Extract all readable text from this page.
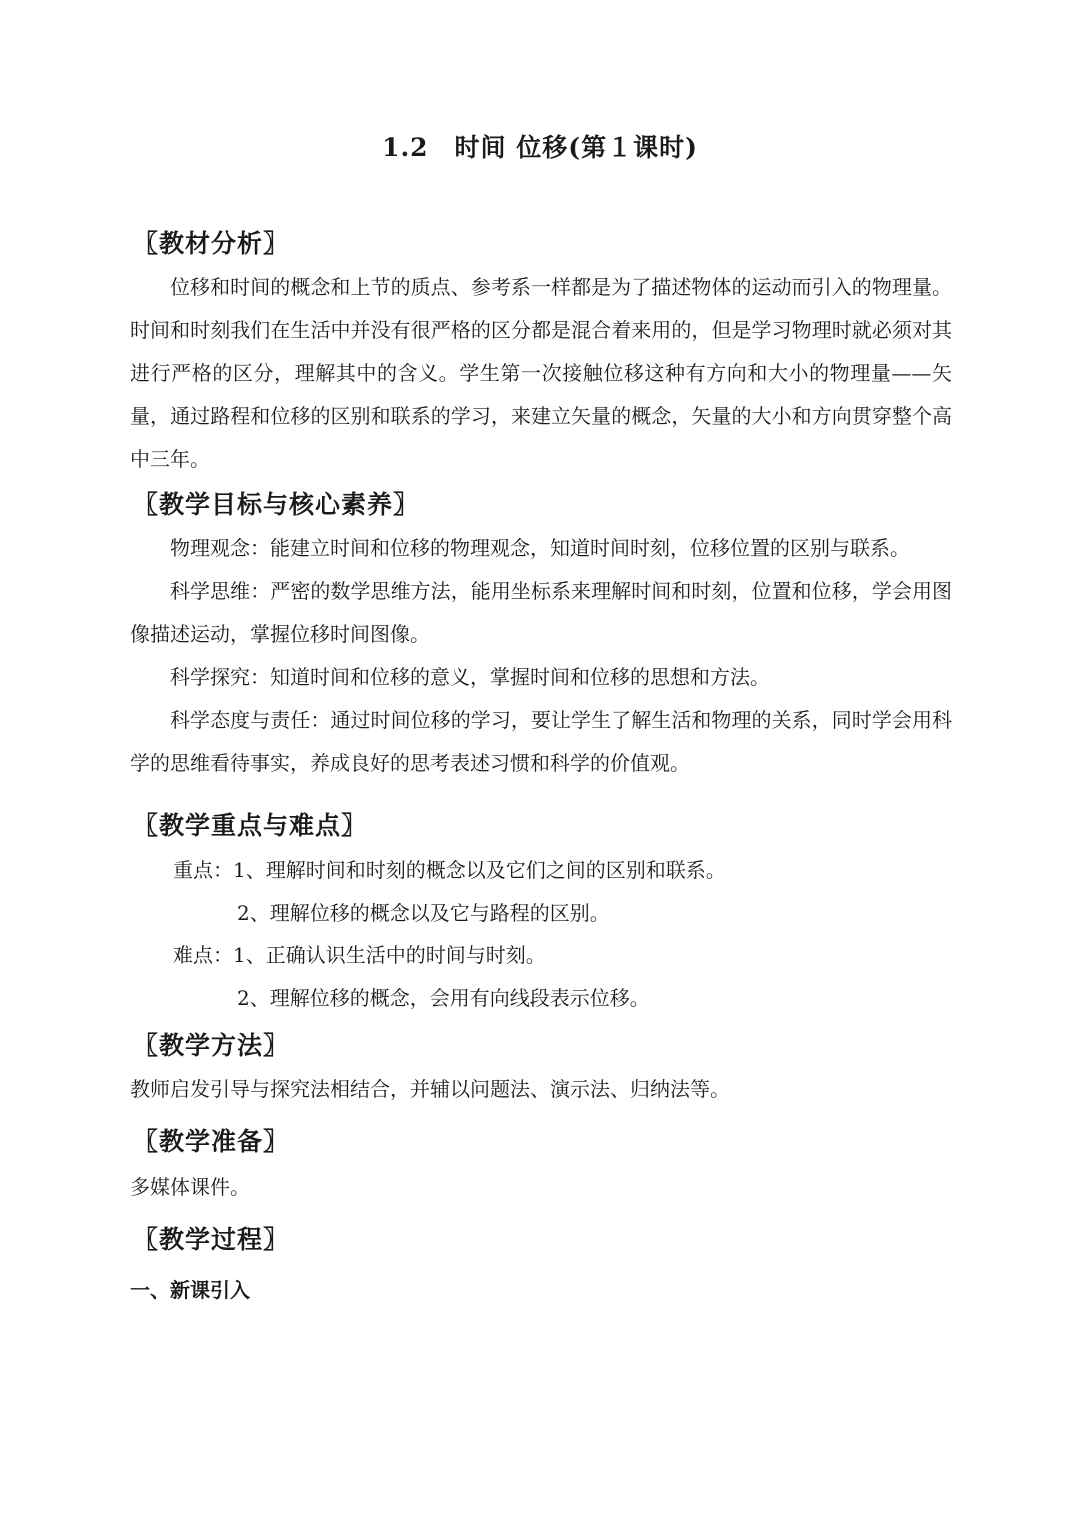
1.2　时间 位移(第１课时)
〖教材分析〗
位移和时间的概念和上节的质点、参考系一样都是为了描述物体的运动而引入的物理量。时间和时刻我们在生活中并没有很严格的区分都是混合着来用的，但是学习物理时就必须对其进行严格的区分，理解其中的含义。学生第一次接触位移这种有方向和大小的物理量——矢量，通过路程和位移的区别和联系的学习，来建立矢量的概念，矢量的大小和方向贯穿整个高中三年。
〖教学目标与核心素养〗
物理观念：能建立时间和位移的物理观念，知道时间时刻，位移位置的区别与联系。
科学思维：严密的数学思维方法，能用坐标系来理解时间和时刻，位置和位移，学会用图像描述运动，掌握位移时间图像。
科学探究：知道时间和位移的意义，掌握时间和位移的思想和方法。
科学态度与责任：通过时间位移的学习，要让学生了解生活和物理的关系，同时学会用科学的思维看待事实，养成良好的思考表述习惯和科学的价值观。
〖教学重点与难点〗
重点：1、理解时间和时刻的概念以及它们之间的区别和联系。
2、理解位移的概念以及它与路程的区别。
难点：1、正确认识生活中的时间与时刻。
2、理解位移的概念，会用有向线段表示位移。
〖教学方法〗
教师启发引导与探究法相结合，并辅以问题法、演示法、归纳法等。
〖教学准备〗
多媒体课件。
〖教学过程〗
一、新课引入
